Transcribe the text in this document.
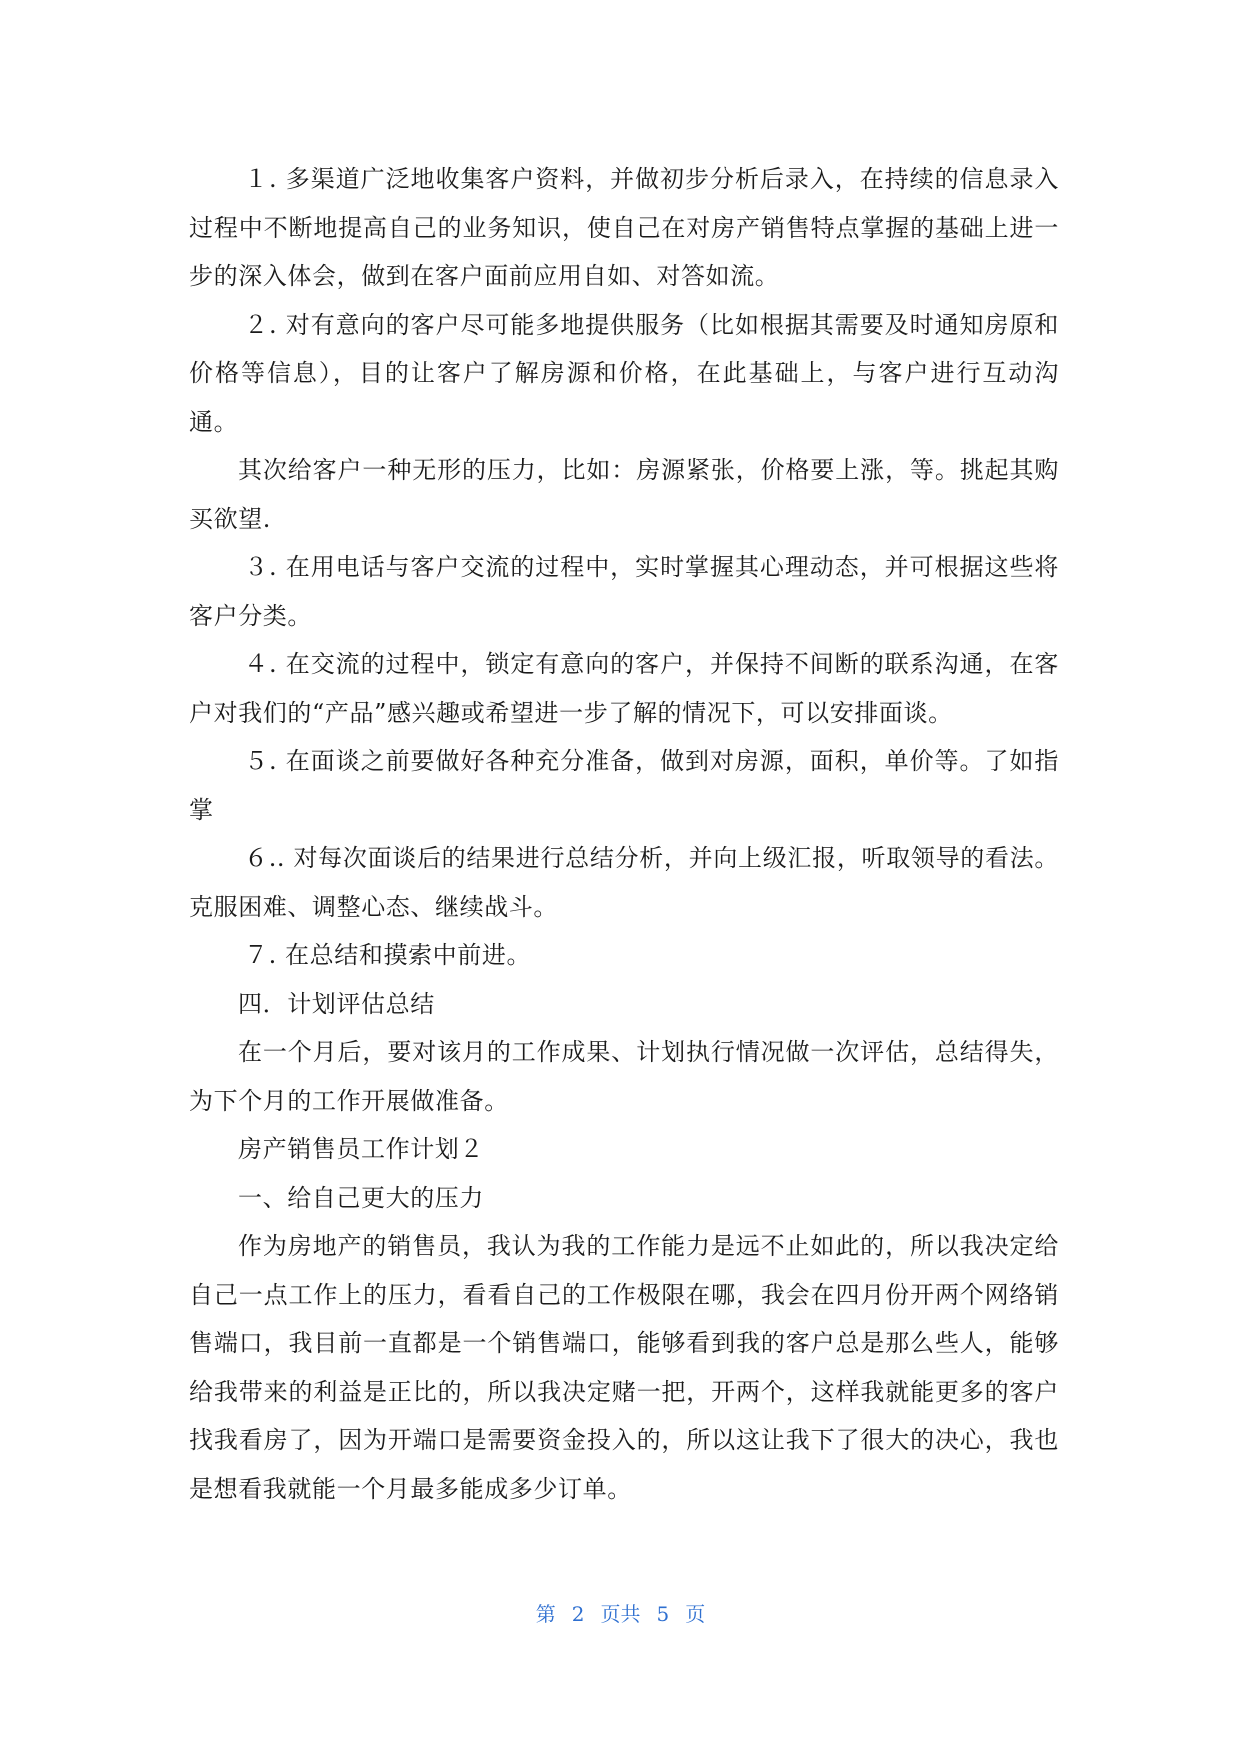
１. 多渠道广泛地收集客户资料，并做初步分析后录入，在持续的信息录入过程中不断地提高自己的业务知识，使自己在对房产销售特点掌握的基础上进一步的深入体会，做到在客户面前应用自如、对答如流。

２. 对有意向的客户尽可能多地提供服务（比如根据其需要及时通知房原和价格等信息），目的让客户了解房源和价格，在此基础上，与客户进行互动沟通。

其次给客户一种无形的压力，比如：房源紧张，价格要上涨，等。挑起其购买欲望.

３. 在用电话与客户交流的过程中，实时掌握其心理动态，并可根据这些将客户分类。

４. 在交流的过程中，锁定有意向的客户，并保持不间断的联系沟通，在客户对我们的“产品”感兴趣或希望进一步了解的情况下，可以安排面谈。

５. 在面谈之前要做好各种充分准备，做到对房源，面积，单价等。了如指掌

６.. 对每次面谈后的结果进行总结分析，并向上级汇报，听取领导的看法。克服困难、调整心态、继续战斗。

７. 在总结和摸索中前进。

四．计划评估总结

在一个月后，要对该月的工作成果、计划执行情况做一次评估，总结得失，为下个月的工作开展做准备。

房产销售员工作计划２

一、给自己更大的压力

作为房地产的销售员，我认为我的工作能力是远不止如此的，所以我决定给自己一点工作上的压力，看看自己的工作极限在哪，我会在四月份开两个网络销售端口，我目前一直都是一个销售端口，能够看到我的客户总是那么些人，能够给我带来的利益是正比的，所以我决定赌一把，开两个，这样我就能更多的客户找我看房了，因为开端口是需要资金投入的，所以这让我下了很大的决心，我也是想看我就能一个月最多能成多少订单。

第 2 页共 5 页
